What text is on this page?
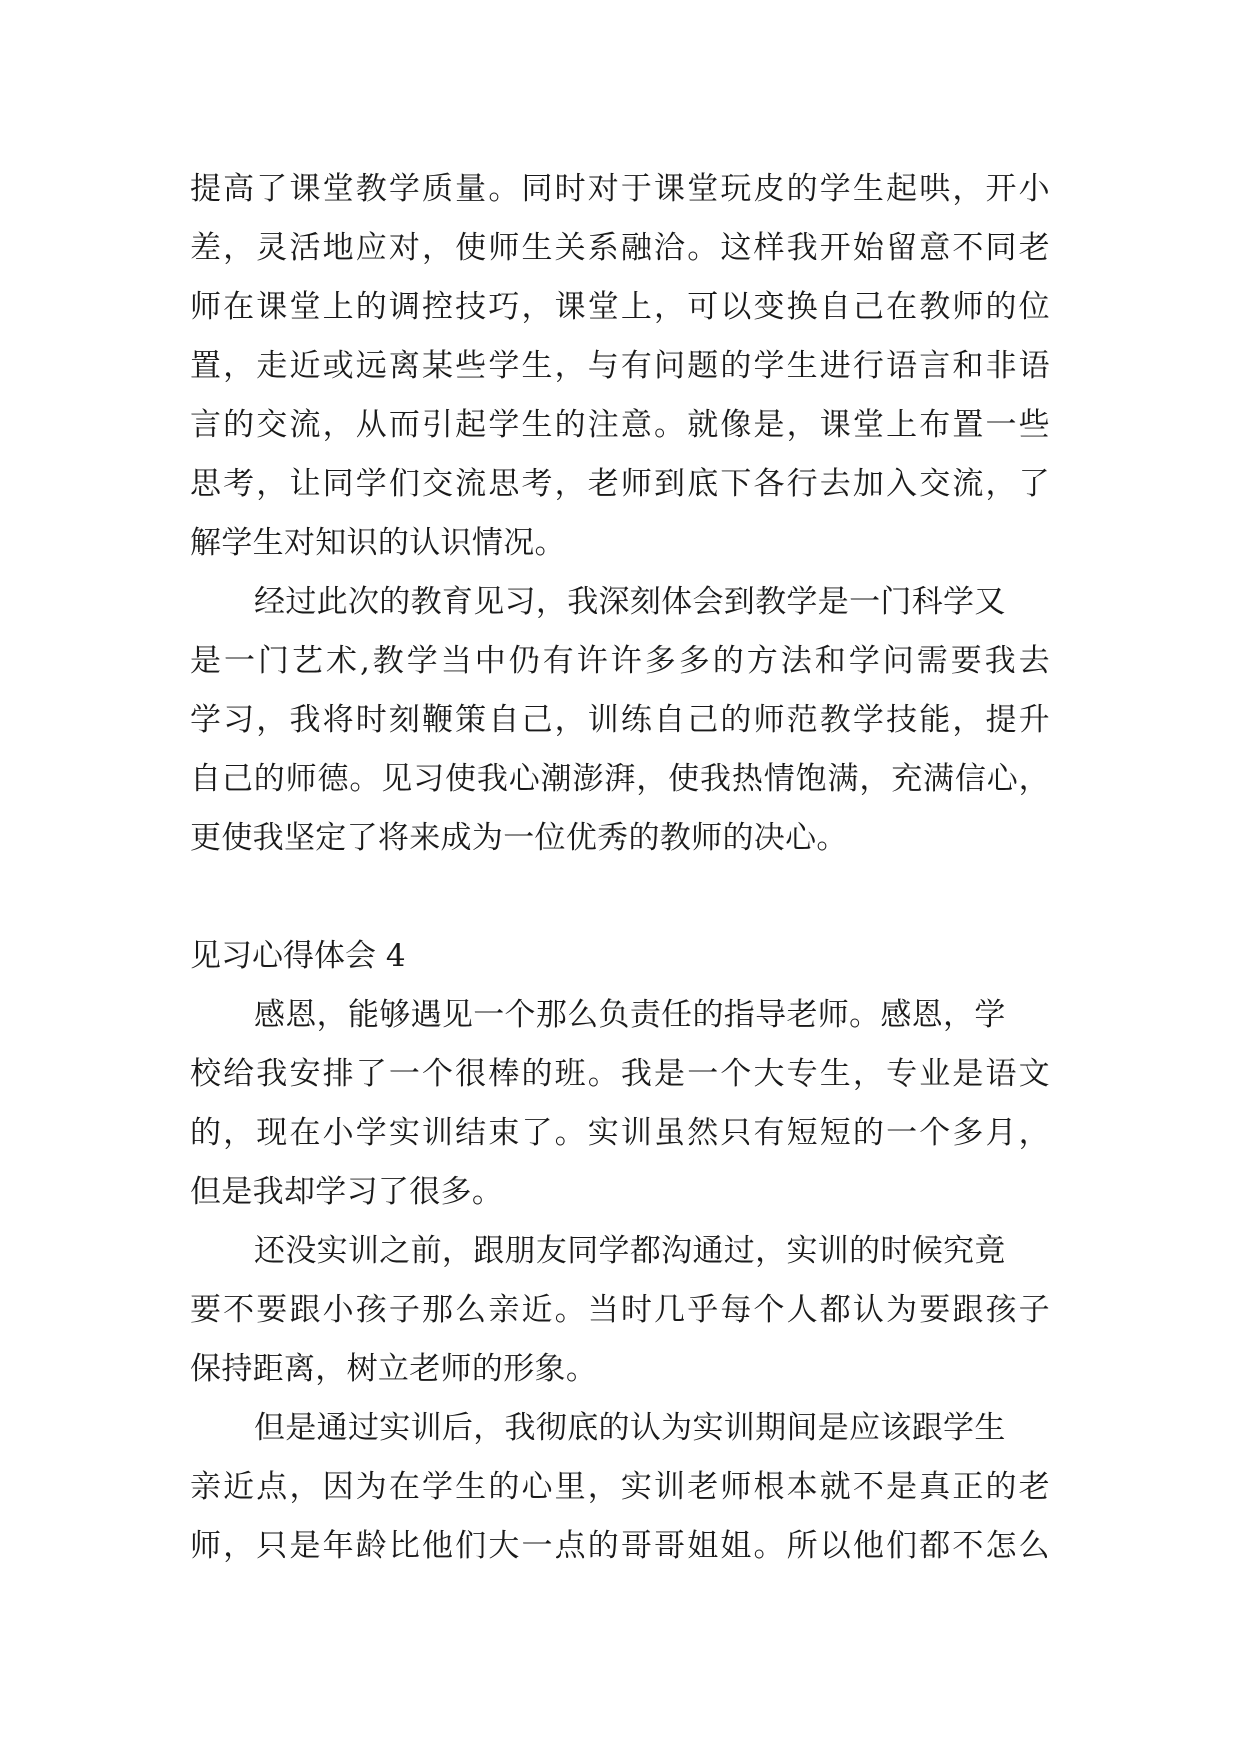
提高了课堂教学质量。同时对于课堂玩皮的学生起哄，开小
差，灵活地应对，使师生关系融洽。这样我开始留意不同老
师在课堂上的调控技巧，课堂上，可以变换自己在教师的位
置，走近或远离某些学生，与有问题的学生进行语言和非语
言的交流，从而引起学生的注意。就像是，课堂上布置一些
思考，让同学们交流思考，老师到底下各行去加入交流，了
解学生对知识的认识情况。
经过此次的教育见习，我深刻体会到教学是一门科学又
是一门艺术,教学当中仍有许许多多的方法和学问需要我去
学习，我将时刻鞭策自己，训练自己的师范教学技能，提升
自己的师德。见习使我心潮澎湃，使我热情饱满，充满信心，
更使我坚定了将来成为一位优秀的教师的决心。
见习心得体会 4
感恩，能够遇见一个那么负责任的指导老师。感恩，学
校给我安排了一个很棒的班。我是一个大专生，专业是语文
的，现在小学实训结束了。实训虽然只有短短的一个多月，
但是我却学习了很多。
还没实训之前，跟朋友同学都沟通过，实训的时候究竟
要不要跟小孩子那么亲近。当时几乎每个人都认为要跟孩子
保持距离，树立老师的形象。
但是通过实训后，我彻底的认为实训期间是应该跟学生
亲近点，因为在学生的心里，实训老师根本就不是真正的老
师，只是年龄比他们大一点的哥哥姐姐。所以他们都不怎么
